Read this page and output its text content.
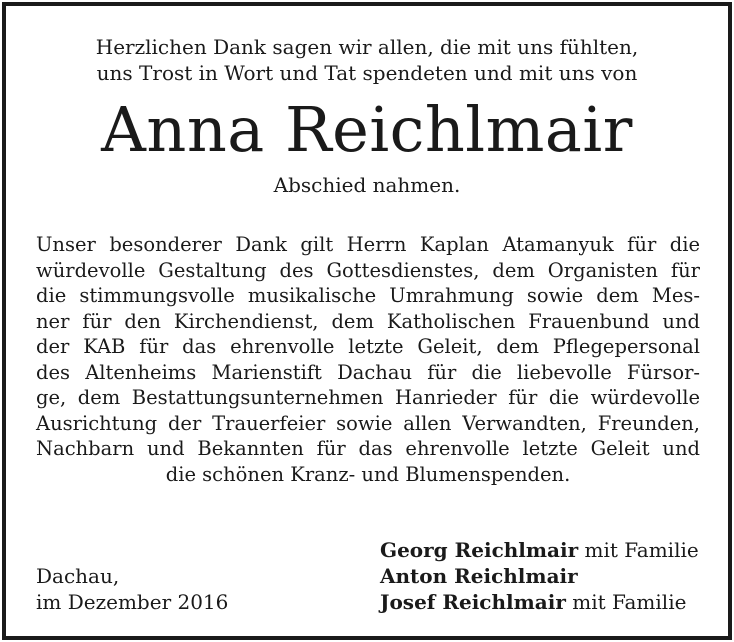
Herzlichen Dank sagen wir allen, die mit uns fühlten,
uns Trost in Wort und Tat spendeten und mit uns von
Anna Reichlmair
Abschied nahmen.
Unser besonderer Dank gilt Herrn Kaplan Atamanyuk für die
würdevolle Gestaltung des Gottesdienstes, dem Organisten für
die stimmungsvolle musikalische Umrahmung sowie dem Mes-
ner für den Kirchendienst, dem Katholischen Frauenbund und
der KAB für das ehrenvolle letzte Geleit, dem Pflegepersonal
des Altenheims Marienstift Dachau für die liebevolle Fürsor-
ge, dem Bestattungsunternehmen Hanrieder für die würdevolle
Ausrichtung der Trauerfeier sowie allen Verwandten, Freunden,
Nachbarn und Bekannten für das ehrenvolle letzte Geleit und
die schönen Kranz- und Blumenspenden.
Dachau,
im Dezember 2016
Georg Reichlmair mit Familie
Anton Reichlmair
Josef Reichlmair mit Familie
